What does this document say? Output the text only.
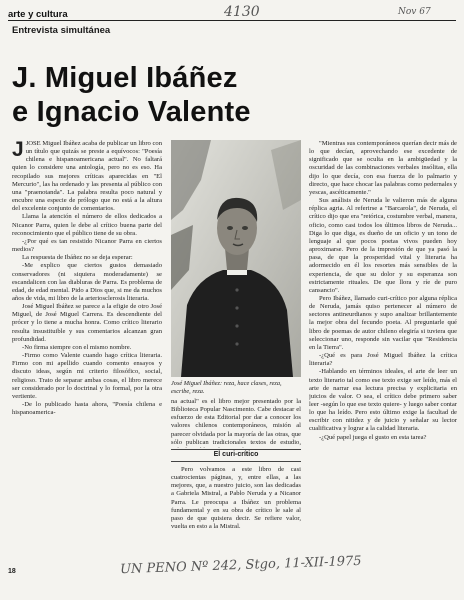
4130	Nov 67
arte y cultura
Entrevista simultánea
J. Miguel Ibáñez
e Ignacio Valente

JJOSE Miguel Ibáñez acaba de publicar un libro con un título que quizás se preste a equívocos: "Poesía chilena e hispanoamericana actual". No faltará quien lo considere una antología, pero no es eso. Ha recopilado sus mejores críticas aparecidas en "El Mercurio", las ha ordenado y las presenta al público con una "praenotanda". La palabra resulta poco natural y encubre una especie de prólogo que no está a la altura del excelente conjunto de comentarios.

Llama la atención el número de ellos dedicados a Nicanor Parra, quien le debe al crítico buena parte del reconocimiento que el público tiene de su obra.

-¿Por qué es tan resistido Nicanor Parra en ciertos medios?

La respuesta de Ibáñez no se deja esperar:

-Me explico que ciertos gustos demasiado conservadores (ni siquiera moderadamente) se escandalicen con las diabluras de Parra. Es problema de edad, de edad mental. Pido a Dios que, si me da muchos años de vida, mi libro de la arteriosclerosis literaria.

José Miguel Ibáñez se parece a la efigie de otro José Miguel, de José Miguel Carrera. Es descendiente del prócer y lo tiene a mucha honra. Como crítico literario resulta insustituible y sus comentarios alcanzan gran profundidad.

-No firma siempre con el mismo nombre.

-Firmo como Valente cuando hago crítica literaria. Firmo con mi apellido cuando comento ensayos y discuto ideas, según mi criterio filosófico, social, religioso. Trato de separar ambas cosas, el libro merece ser considerado por lo doctrinal y lo formal, por la otra vertiente.

-De lo publicado hasta ahora, "Poesía chilena e hispanoamerica-

José Miguel Ibáñez: reza, hace clases, reza, escribe, reza.

na actual" es el libro mejor presentado por la Biblioteca Popular Nascimento. Cabe destacar el esfuerzo de esta Editorial por dar a conocer los valores chilenos contemporáneos, misión al parecer olvidada por la mayoría de las otras, que sólo publican tradicionales textos de estudio,

El curi-crítico

Pero volvamos a este libro de casi cuatrocientas páginas, y, entre ellas, a las mejores, que, a nuestro juicio, son las dedicadas a Gabriela Mistral, a Pablo Neruda y a Nicanor Parra. Le preocupa a Ibáñez un problema fundamental y en su obra de crítico le sale al paso de que quisiera decir. Se refiere valor, vuelta en esto a la Mistral.

"Mientras sus contemporáneos querían decir más de lo que decían, aprovechando ese excedente de significado que se oculta en la ambigüedad y la oscuridad de las combinaciones verbales insólitas, ella dijo lo que decía, con esa fuerza de lo palmario y directo, que hace chocar las palabras como pedernales y yescas, ascéticamente."

Sus análisis de Neruda le valieron más de alguna réplica agria. Al referirse a "Barcarola", de Neruda, el crítico dijo que era "retórica, costumbre verbal, manera, oficio, como casi todos los últimos libros de Neruda... Diga lo que diga, es dueño de un oficio y un tono de lenguaje al que pocos poetas vivos pueden hoy aproximarse. Pero de la impresión de que ya pasó la pasa, de que la prosperidad vital y literaria ha adormecido en él los resortes más sensibles de la experiencia, de que su dolor y su esperanza son estrictamente rituales. De que llora y ríe de puro cansancio".

Pero Ibáñez, llamado curi-crítico por alguna réplica de Neruda, jamás quiso pertenecer al número de sectores antineurdianos y supo analizar brillantemente la mejor obra del fecundo poeta. Al preguntarle qué libro de poemas de autor chileno elegiría si tuviera que seleccionar uno, responde sin vacilar que "Residencia en la Tierra".

-¿Qué es para José Miguel Ibáñez la crítica literaria?

-Hablando en términos ideales, el arte de leer un texto literario tal como ese texto exige ser leído, más el arte de narrar esa lectura precisa y explicitaria en juicios de valor. O sea, el crítico debe primero saber leer -según lo que ese texto quiere- y luego saber contar lo que ha leído. Pero esto último exige la facultad de escribir con nitidez y de juicio y señalar su lector cualificativa y lograr a la calidad literaria.

-¿Qué papel juega el gusto en esta tarea?

18	UN PENO Nº 242, Stgo, 11-XII-1975
